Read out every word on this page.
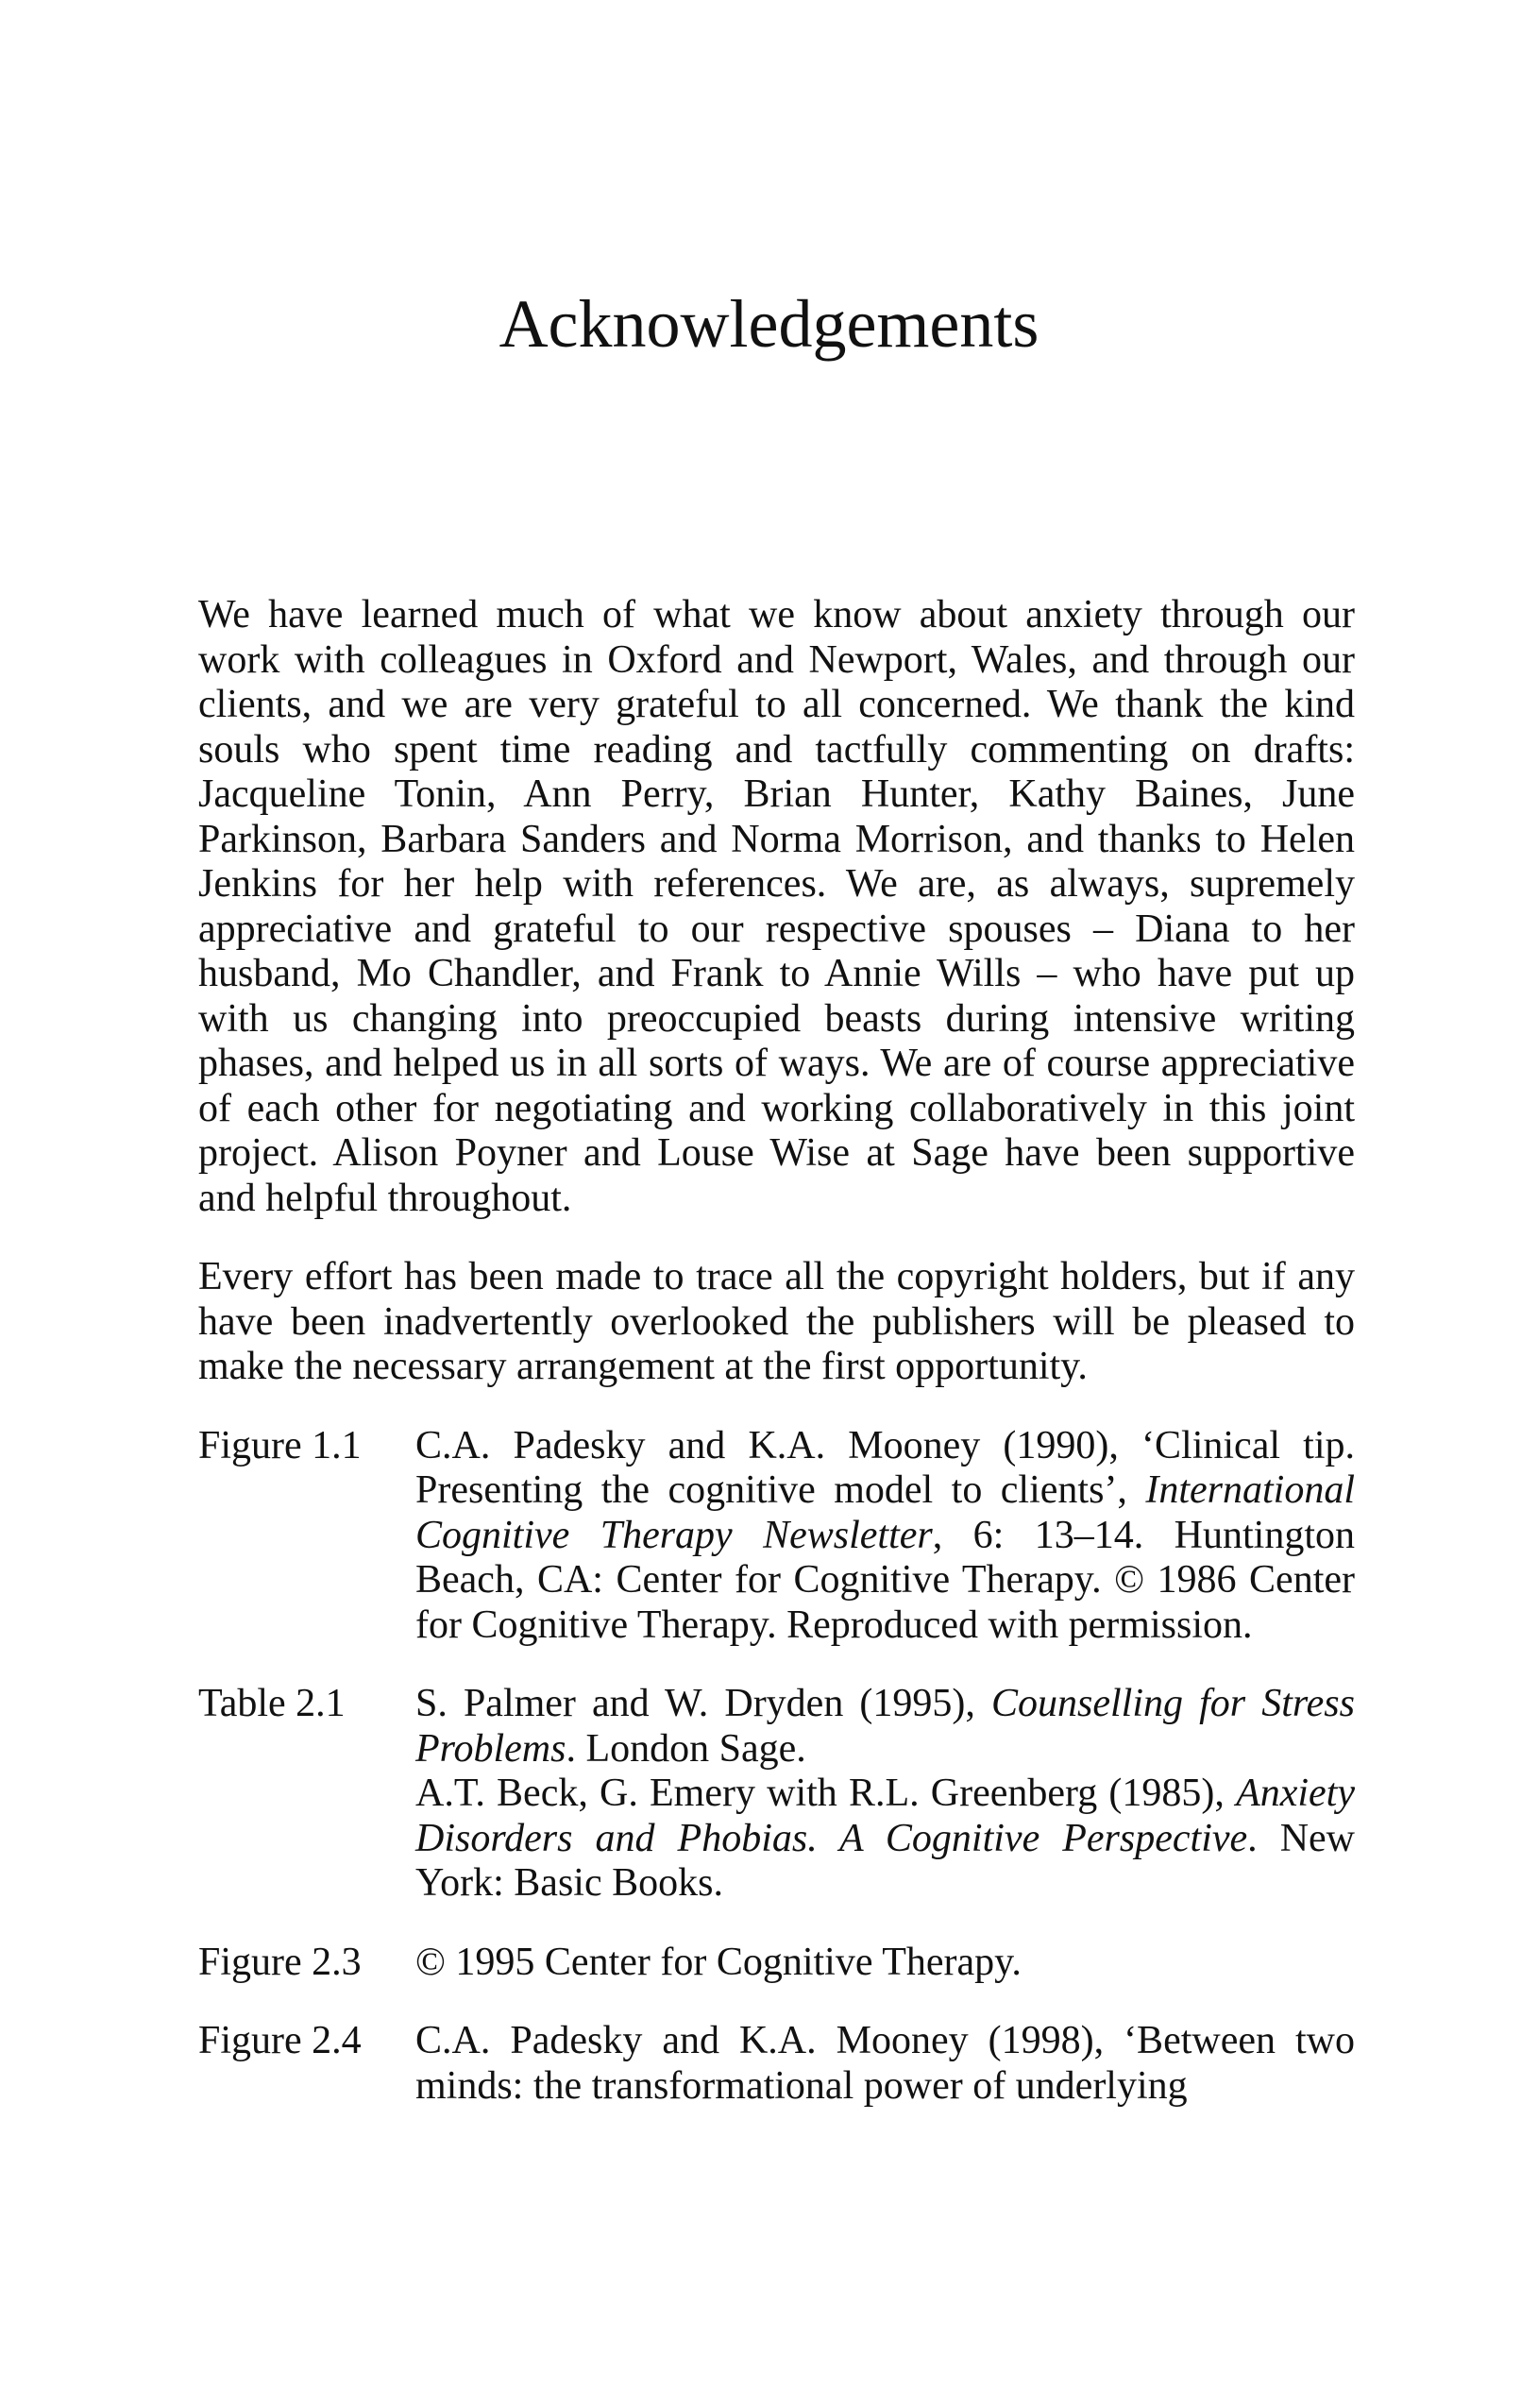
Acknowledgements

We have learned much of what we know about anxiety through our work with colleagues in Oxford and Newport, Wales, and through our clients, and we are very grateful to all concerned. We thank the kind souls who spent time reading and tactfully commenting on drafts: Jacqueline Tonin, Ann Perry, Brian Hunter, Kathy Baines, June Parkinson, Barbara Sanders and Norma Morrison, and thanks to Helen Jenkins for her help with references. We are, as always, supremely appreciative and grateful to our respective spouses – Diana to her husband, Mo Chandler, and Frank to Annie Wills – who have put up with us changing into preoccupied beasts during intensive writing phases, and helped us in all sorts of ways. We are of course appreciative of each other for negotiating and working collaboratively in this joint project. Alison Poyner and Louse Wise at Sage have been supportive and helpful throughout.

Every effort has been made to trace all the copyright holders, but if any have been inadvertently overlooked the publishers will be pleased to make the necessary arrangement at the first opportunity.

Figure 1.1	C.A. Padesky and K.A. Mooney (1990), ‘Clinical tip. Presenting the cognitive model to clients’, International Cognitive Therapy Newsletter, 6: 13–14. Huntington Beach, CA: Center for Cognitive Therapy. © 1986 Center for Cognitive Therapy. Reproduced with permission.
Table 2.1	S. Palmer and W. Dryden (1995), Counselling for Stress Problems. London Sage.
A.T. Beck, G. Emery with R.L. Greenberg (1985), Anxiety Disorders and Phobias. A Cognitive Perspective. New York: Basic Books.
Figure 2.3	© 1995 Center for Cognitive Therapy.
Figure 2.4	C.A. Padesky and K.A. Mooney (1998), ‘Between two minds: the transformational power of underlying
